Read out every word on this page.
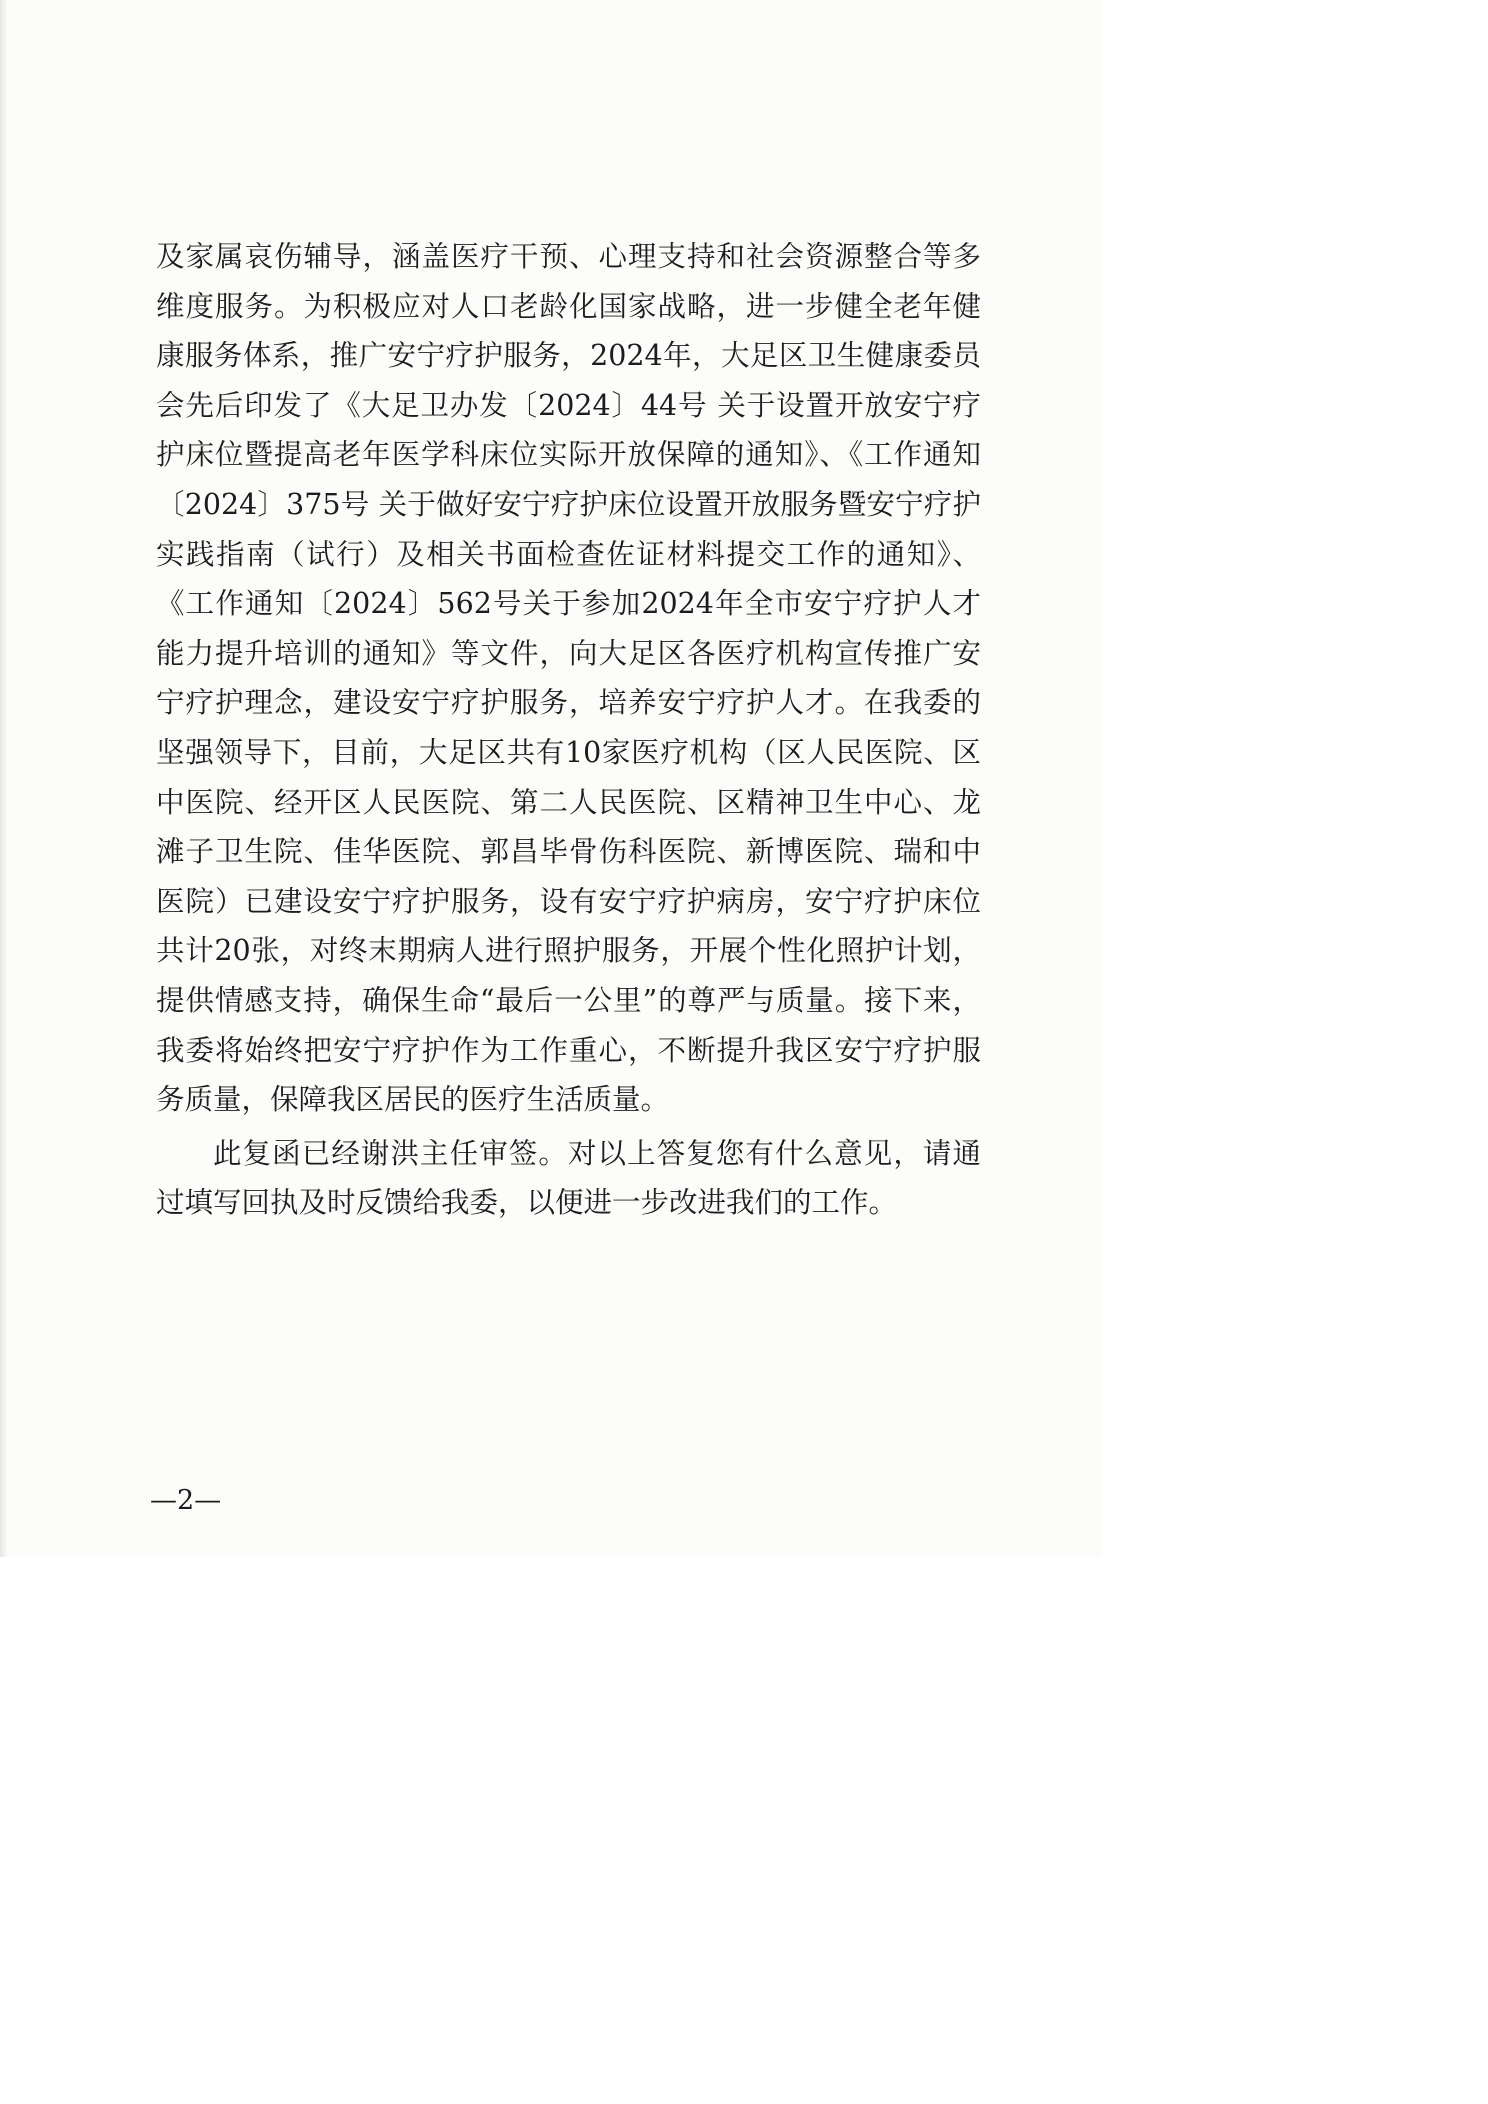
及家属哀伤辅导，涵盖医疗干预、心理支持和社会资源整合等多维度服务。为积极应对人口老龄化国家战略，进一步健全老年健康服务体系，推广安宁疗护服务，2024年，大足区卫生健康委员会先后印发了《大足卫办发〔2024〕44号 关于设置开放安宁疗护床位暨提高老年医学科床位实际开放保障的通知》、《工作通知〔2024〕375号 关于做好安宁疗护床位设置开放服务暨安宁疗护实践指南（试行）及相关书面检查佐证材料提交工作的通知》、《工作通知〔2024〕562号关于参加2024年全市安宁疗护人才能力提升培训的通知》等文件，向大足区各医疗机构宣传推广安宁疗护理念，建设安宁疗护服务，培养安宁疗护人才。在我委的坚强领导下，目前，大足区共有10家医疗机构（区人民医院、区中医院、经开区人民医院、第二人民医院、区精神卫生中心、龙滩子卫生院、佳华医院、郭昌毕骨伤科医院、新博医院、瑞和中医院）已建设安宁疗护服务，设有安宁疗护病房，安宁疗护床位共计20张，对终末期病人进行照护服务，开展个性化照护计划，提供情感支持，确保生命“最后一公里”的尊严与质量。接下来，我委将始终把安宁疗护作为工作重心，不断提升我区安宁疗护服务质量，保障我区居民的医疗生活质量。

此复函已经谢洪主任审签。对以上答复您有什么意见，请通过填写回执及时反馈给我委，以便进一步改进我们的工作。

—2—
